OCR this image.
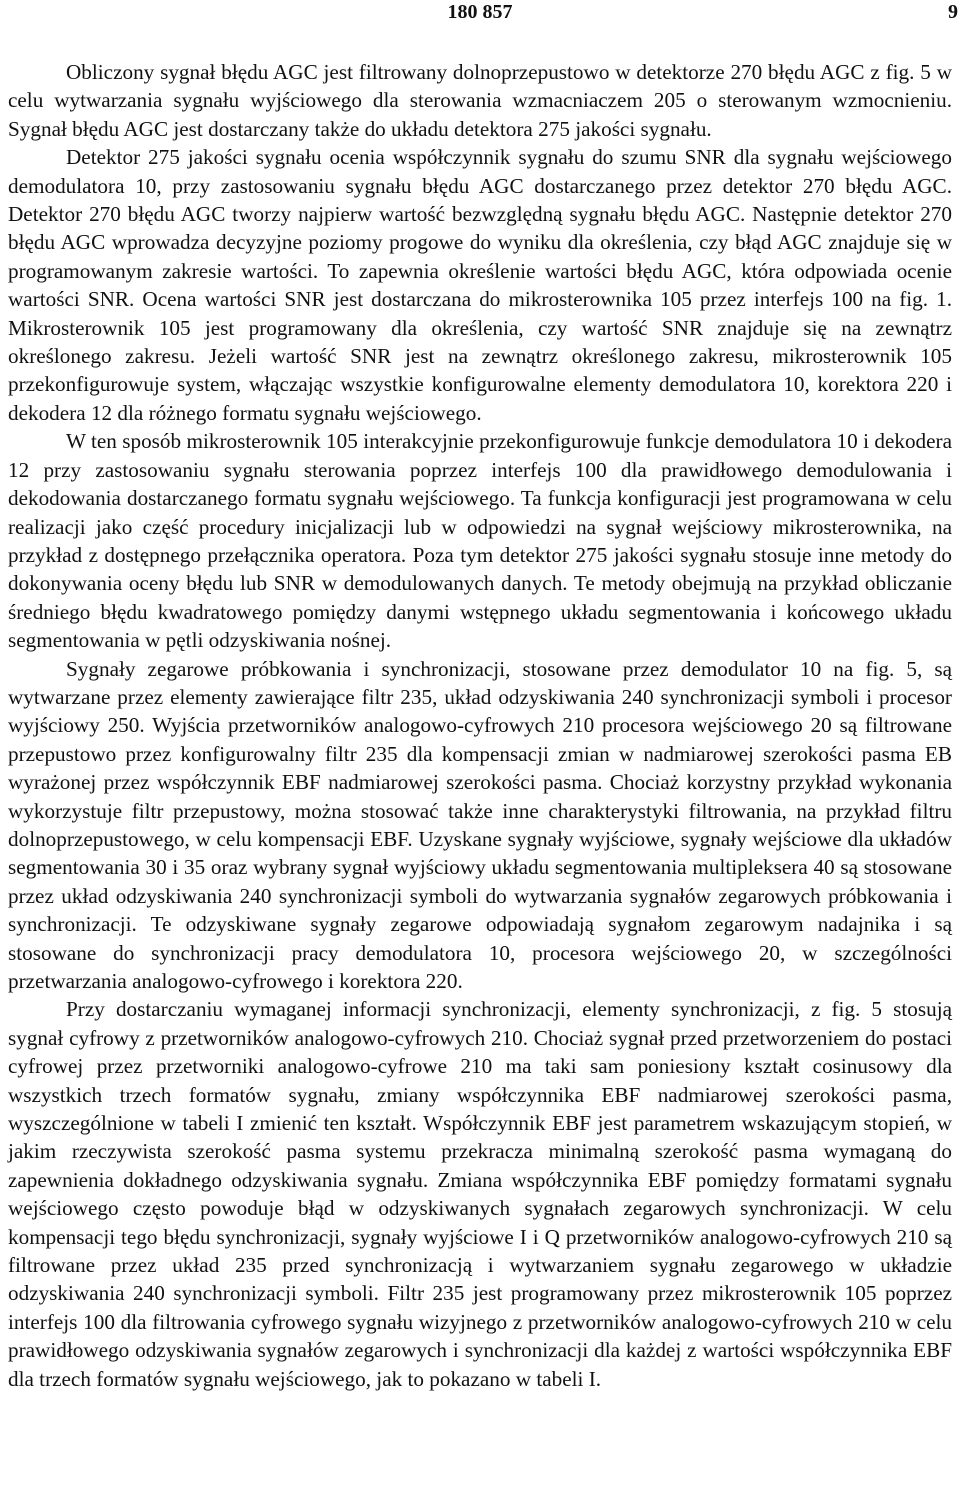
180 857	9

Obliczony sygnał błędu AGC jest filtrowany dolnoprzepustowo w detektorze 270 błędu AGC z fig. 5 w celu wytwarzania sygnału wyjściowego dla sterowania wzmacniaczem 205 o sterowanym wzmocnieniu. Sygnał błędu AGC jest dostarczany także do układu detektora 275 jakości sygnału.

Detektor 275 jakości sygnału ocenia współczynnik sygnału do szumu SNR dla sygnału wejściowego demodulatora 10, przy zastosowaniu sygnału błędu AGC dostarczanego przez detektor 270 błędu AGC. Detektor 270 błędu AGC tworzy najpierw wartość bezwzględną sygnału błędu AGC. Następnie detektor 270 błędu AGC wprowadza decyzyjne poziomy progowe do wyniku dla określenia, czy błąd AGC znajduje się w programowanym zakresie wartości. To zapewnia określenie wartości błędu AGC, która odpowiada ocenie wartości SNR. Ocena wartości SNR jest dostarczana do mikrosterownika 105 przez interfejs 100 na fig. 1. Mikrosterownik 105 jest programowany dla określenia, czy wartość SNR znajduje się na zewnątrz określonego zakresu. Jeżeli wartość SNR jest na zewnątrz określonego zakresu, mikrosterownik 105 przekonfigurowuje system, włączając wszystkie konfigurowalne elementy demodulatora 10, korektora 220 i dekodera 12 dla różnego formatu sygnału wejściowego.

W ten sposób mikrosterownik 105 interakcyjnie przekonfigurowuje funkcje demodulatora 10 i dekodera 12 przy zastosowaniu sygnału sterowania poprzez interfejs 100 dla prawidłowego demodulowania i dekodowania dostarczanego formatu sygnału wejściowego. Ta funkcja konfiguracji jest programowana w celu realizacji jako część procedury inicjalizacji lub w odpowiedzi na sygnał wejściowy mikrosterownika, na przykład z dostępnego przełącznika operatora. Poza tym detektor 275 jakości sygnału stosuje inne metody do dokonywania oceny błędu lub SNR w demodulowanych danych. Te metody obejmują na przykład obliczanie średniego błędu kwadratowego pomiędzy danymi wstępnego układu segmentowania i końcowego układu segmentowania w pętli odzyskiwania nośnej.

Sygnały zegarowe próbkowania i synchronizacji, stosowane przez demodulator 10 na fig. 5, są wytwarzane przez elementy zawierające filtr 235, układ odzyskiwania 240 synchronizacji symboli i procesor wyjściowy 250. Wyjścia przetworników analogowo-cyfrowych 210 procesora wejściowego 20 są filtrowane przepustowo przez konfigurowalny filtr 235 dla kompensacji zmian w nadmiarowej szerokości pasma EB wyrażonej przez współczynnik EBF nadmiarowej szerokości pasma. Chociaż korzystny przykład wykonania wykorzystuje filtr przepustowy, można stosować także inne charakterystyki filtrowania, na przykład filtru dolnoprzepustowego, w celu kompensacji EBF. Uzyskane sygnały wyjściowe, sygnały wejściowe dla układów segmentowania 30 i 35 oraz wybrany sygnał wyjściowy układu segmentowania multipleksera 40 są stosowane przez układ odzyskiwania 240 synchronizacji symboli do wytwarzania sygnałów zegarowych próbkowania i synchronizacji. Te odzyskiwane sygnały zegarowe odpowiadają sygnałom zegarowym nadajnika i są stosowane do synchronizacji pracy demodulatora 10, procesora wejściowego 20, w szczególności przetwarzania analogowo-cyfrowego i korektora 220.

Przy dostarczaniu wymaganej informacji synchronizacji, elementy synchronizacji, z fig. 5 stosują sygnał cyfrowy z przetworników analogowo-cyfrowych 210. Chociaż sygnał przed przetworzeniem do postaci cyfrowej przez przetworniki analogowo-cyfrowe 210 ma taki sam poniesiony kształt cosinusowy dla wszystkich trzech formatów sygnału, zmiany współczynnika EBF nadmiarowej szerokości pasma, wyszczególnione w tabeli I zmienić ten kształt. Współczynnik EBF jest parametrem wskazującym stopień, w jakim rzeczywista szerokość pasma systemu przekracza minimalną szerokość pasma wymaganą do zapewnienia dokładnego odzyskiwania sygnału. Zmiana współczynnika EBF pomiędzy formatami sygnału wejściowego często powoduje błąd w odzyskiwanych sygnałach zegarowych synchronizacji. W celu kompensacji tego błędu synchronizacji, sygnały wyjściowe I i Q przetworników analogowo-cyfrowych 210 są filtrowane przez układ 235 przed synchronizacją i wytwarzaniem sygnału zegarowego w układzie odzyskiwania 240 synchronizacji symboli. Filtr 235 jest programowany przez mikrosterownik 105 poprzez interfejs 100 dla filtrowania cyfrowego sygnału wizyjnego z przetworników analogowo-cyfrowych 210 w celu prawidłowego odzyskiwania sygnałów zegarowych i synchronizacji dla każdej z wartości współczynnika EBF dla trzech formatów sygnału wejściowego, jak to pokazano w tabeli I.
